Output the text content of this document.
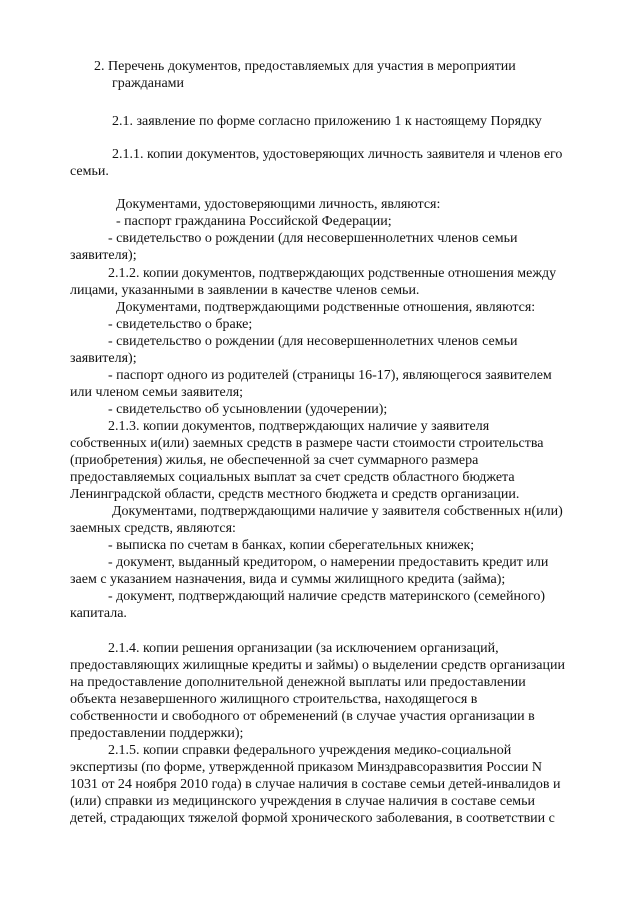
2. Перечень документов, предоставляемых для участия в мероприятии
гражданами
2.1. заявление по форме согласно приложению 1 к настоящему Порядку
2.1.1. копии документов, удостоверяющих личность заявителя и членов его
семьи.
Документами, удостоверяющими личность, являются:
- паспорт гражданина Российской Федерации;
- свидетельство о рождении (для несовершеннолетних членов семьи
заявителя);
2.1.2. копии документов, подтверждающих родственные отношения между
лицами, указанными в заявлении в качестве членов семьи.
Документами, подтверждающими родственные отношения, являются:
- свидетельство о браке;
- свидетельство о рождении (для несовершеннолетних членов семьи
заявителя);
- паспорт одного из родителей (страницы 16-17), являющегося заявителем
или членом семьи заявителя;
- свидетельство об усыновлении (удочерении);
2.1.3. копии документов, подтверждающих наличие у заявителя
собственных и(или) заемных средств в размере части стоимости строительства
(приобретения) жилья, не обеспеченной за счет суммарного размера
предоставляемых социальных выплат за счет средств областного бюджета
Ленинградской области, средств местного бюджета и средств организации.
Документами, подтверждающими наличие у заявителя собственных н(или)
заемных средств, являются:
- выписка по счетам в банках, копии сберегательных книжек;
- документ, выданный кредитором, о намерении предоставить кредит или
заем с указанием назначения, вида и суммы жилищного кредита (займа);
- документ, подтверждающий наличие средств материнского (семейного)
капитала.
2.1.4. копии решения организации (за исключением организаций,
предоставляющих жилищные кредиты и займы) о выделении средств организации
на предоставление дополнительной денежной выплаты или предоставлении
объекта незавершенного жилищного строительства, находящегося в
собственности и свободного от обременений (в случае участия организации в
предоставлении поддержки);
2.1.5. копии справки федерального учреждения медико-социальной
экспертизы (по форме, утвержденной приказом Минздравсоразвития России N
1031 от 24 ноября 2010 года) в случае наличия в составе семьи детей-инвалидов и
(или) справки из медицинского учреждения в случае наличия в составе семьи
детей, страдающих тяжелой формой хронического заболевания, в соответствии с
